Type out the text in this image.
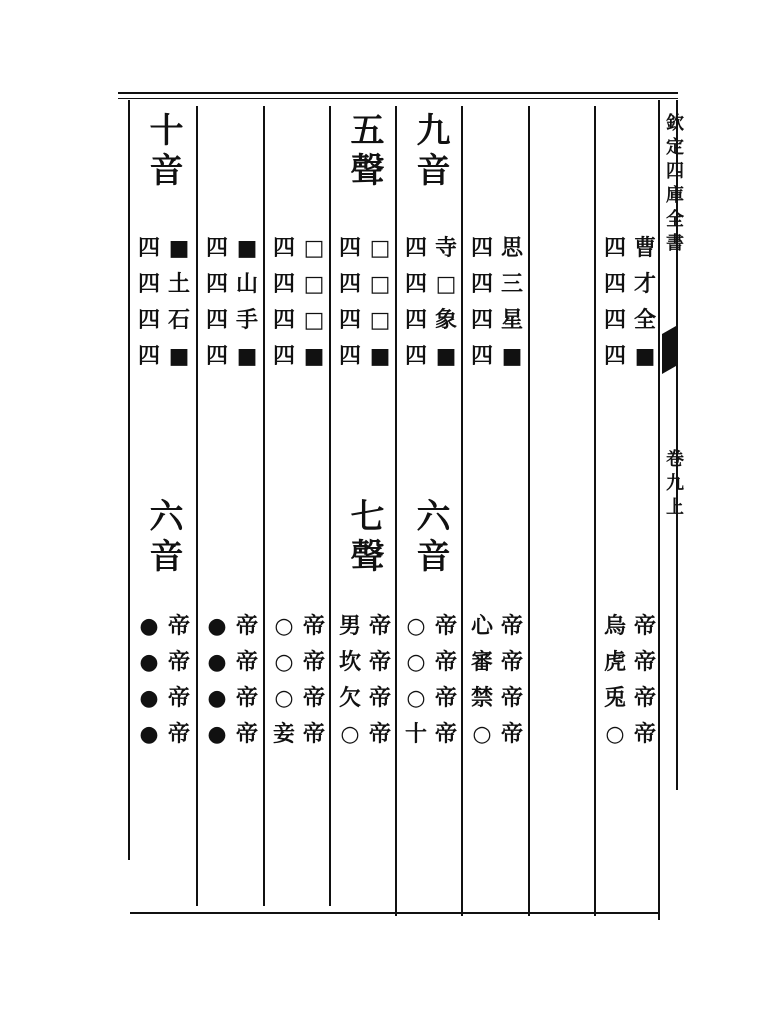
欽定四庫全書
卷九上
十音
六音
四
四
四
四
■
土
石
■
●
●
●
●
帝
帝
帝
帝
四
四
四
四
■
山
手
■
●
●
●
●
帝
帝
帝
帝
四
四
四
四
□
□
□
■
○
○
○
妾
帝
帝
帝
帝
五聲
七聲
四
四
四
四
□
□
□
■
男
坎
欠
○
帝
帝
帝
帝
九音
六音
四
四
四
四
寺
□
象
■
○
○
○
十
帝
帝
帝
帝
四
四
四
四
思
三
星
■
心
審
禁
○
帝
帝
帝
帝
四
四
四
四
曹
才
全
■
烏
虎
兎
○
帝
帝
帝
帝
